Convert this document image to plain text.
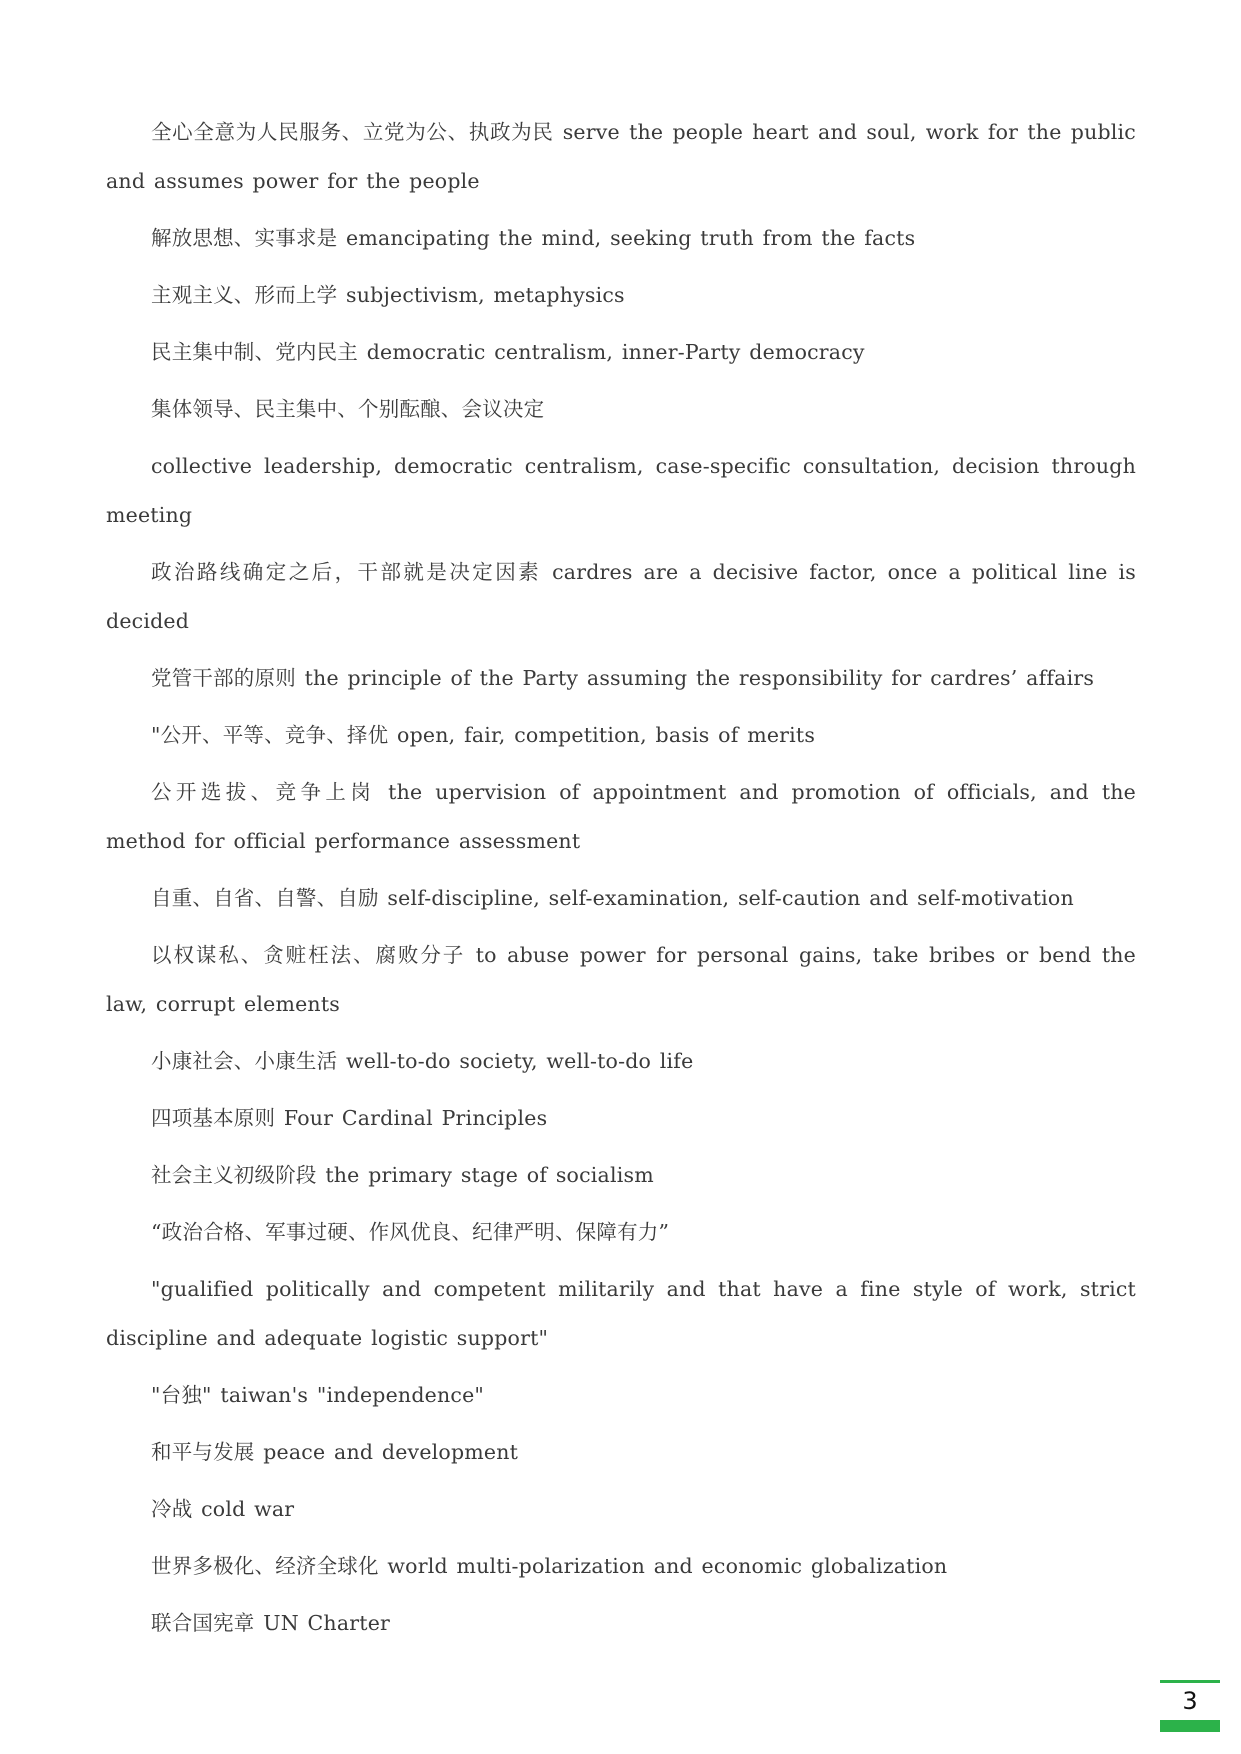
全心全意为人民服务、立党为公、执政为民 serve the people heart and soul, work for the public and assumes power for the people

解放思想、实事求是 emancipating the mind, seeking truth from the facts

主观主义、形而上学 subjectivism, metaphysics

民主集中制、党内民主 democratic centralism, inner-Party democracy

集体领导、民主集中、个别酝酿、会议决定

collective leadership, democratic centralism, case-specific consultation, decision through meeting

政治路线确定之后，干部就是决定因素 cardres are a decisive factor, once a political line is decided

党管干部的原则 the principle of the Party assuming the responsibility for cardres’ affairs

"公开、平等、竞争、择优 open, fair, competition, basis of merits

公开选拔、竞争上岗 the upervision of appointment and promotion of officials, and the method for official performance assessment

自重、自省、自警、自励 self-discipline, self-examination, self-caution and self-motivation

以权谋私、贪赃枉法、腐败分子 to abuse power for personal gains, take bribes or bend the law, corrupt elements

小康社会、小康生活 well-to-do society, well-to-do life

四项基本原则 Four Cardinal Principles

社会主义初级阶段 the primary stage of socialism

“政治合格、军事过硬、作风优良、纪律严明、保障有力”

"gualified politically and competent militarily and that have a fine style of work, strict discipline and adequate logistic support"

"台独" taiwan's "independence"

和平与发展 peace and development

冷战 cold war

世界多极化、经济全球化 world multi-polarization and economic globalization

联合国宪章 UN Charter

3
